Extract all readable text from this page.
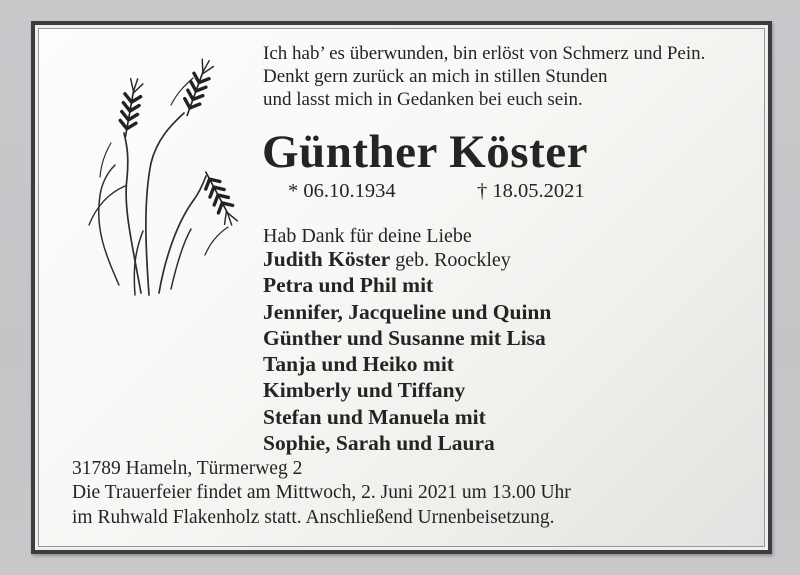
Ich hab’ es überwunden, bin erlöst von Schmerz und Pein.
Denkt gern zurück an mich in stillen Stunden
und lasst mich in Gedanken bei euch sein.
Günther Köster
* 06.10.1934	† 18.05.2021
Hab Dank für deine Liebe
Judith Köster geb. Roockley
Petra und Phil mit
Jennifer, Jacqueline und Quinn
Günther und Susanne mit Lisa
Tanja und Heiko mit
Kimberly und Tiffany
Stefan und Manuela mit
Sophie, Sarah und Laura
31789 Hameln, Türmerweg 2
Die Trauerfeier findet am Mittwoch, 2. Juni 2021 um 13.00 Uhr
im Ruhwald Flakenholz statt. Anschließend Urnenbeisetzung.
